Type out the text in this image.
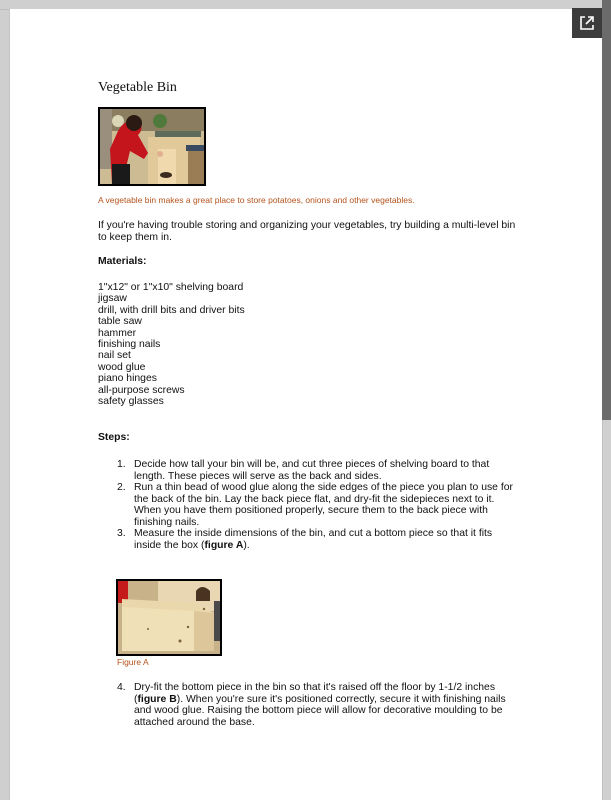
Vegetable Bin
A vegetable bin makes a great place to store potatoes, onions and other vegetables.
If you're having trouble storing and organizing your vegetables, try building a multi-level bin to keep them in.
Materials:
1"x12" or 1"x10" shelving board
jigsaw
drill, with drill bits and driver bits
table saw
hammer
finishing nails
nail set
wood glue
piano hinges
all-purpose screws
safety glasses
Steps:
1. Decide how tall your bin will be, and cut three pieces of shelving board to that length. These pieces will serve as the back and sides.
2. Run a thin bead of wood glue along the side edges of the piece you plan to use for the back of the bin. Lay the back piece flat, and dry-fit the sidepieces next to it. When you have them positioned properly, secure them to the back piece with finishing nails.
3. Measure the inside dimensions of the bin, and cut a bottom piece so that it fits inside the box (figure A).
Figure A
4. Dry-fit the bottom piece in the bin so that it's raised off the floor by 1-1/2 inches (figure B). When you're sure it's positioned correctly, secure it with finishing nails and wood glue. Raising the bottom piece will allow for decorative moulding to be attached around the base.
